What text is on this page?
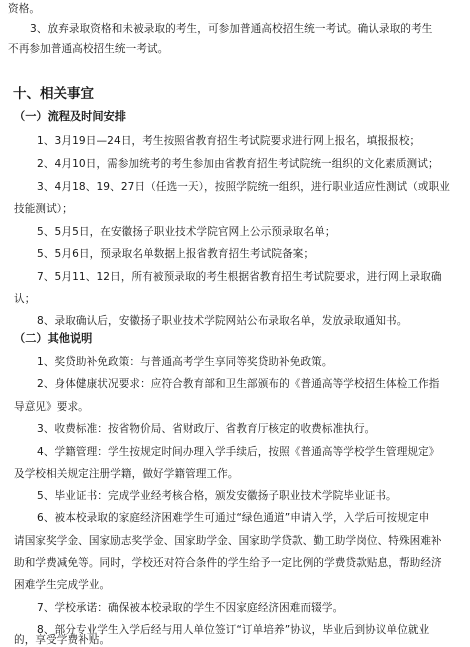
资格。
3、放弃录取资格和未被录取的考生，可参加普通高校招生统一考试。确认录取的考生
不再参加普通高校招生统一考试。
十、相关事宜
（一）流程及时间安排
1、3月19日—24日，考生按照省教育招生考试院要求进行网上报名，填报报校；
2、4月10日，需参加统考的考生参加由省教育招生考试院统一组织的文化素质测试；
3、4月18、19、27日（任选一天），按照学院统一组织，进行职业适应性测试（或职业
技能测试）；
5、5月5日，在安徽扬子职业技术学院官网上公示预录取名单；
5、5月6日，预录取名单数据上报省教育招生考试院备案；
7、5月11、12日，所有被预录取的考生根据省教育招生考试院要求，进行网上录取确
认；
8、录取确认后，安徽扬子职业技术学院网站公布录取名单，发放录取通知书。
（二）其他说明
1、奖贷助补免政策：与普通高考学生享同等奖贷助补免政策。
2、身体健康状况要求：应符合教育部和卫生部颁布的《普通高等学校招生体检工作指
导意见》要求。
3、收费标准：按省物价局、省财政厅、省教育厅核定的收费标准执行。
4、学籍管理：学生按规定时间办理入学手续后，按照《普通高等学校学生管理规定》
及学校相关规定注册学籍，做好学籍管理工作。
5、毕业证书：完成学业经考核合格，颁发安徽扬子职业技术学院毕业证书。
6、被本校录取的家庭经济困难学生可通过“绿色通道”申请入学，入学后可按规定申
请国家奖学金、国家励志奖学金、国家助学金、国家助学贷款、勤工助学岗位、特殊困难补
助和学费减免等。同时，学校还对符合条件的学生给予一定比例的学费贷款贴息，帮助经济
困难学生完成学业。
7、学校承诺：确保被本校录取的学生不因家庭经济困难而辍学。
8、部分专业学生入学后经与用人单位签订“订单培养”协议，毕业后到协议单位就业
的，享受学费补贴。
